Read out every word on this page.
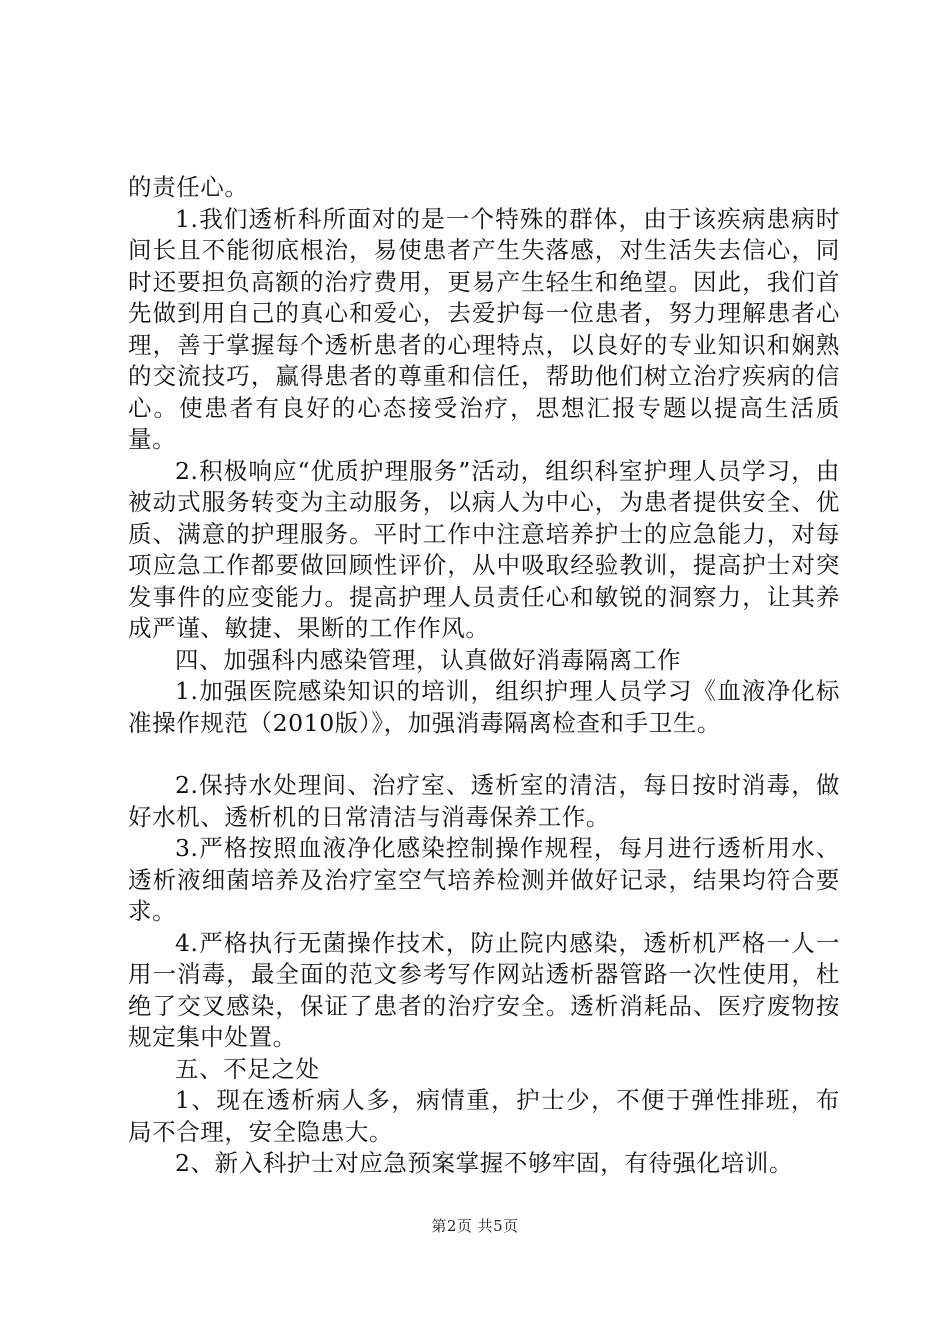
的责任心。

1.我们透析科所面对的是一个特殊的群体，由于该疾病患病时间长且不能彻底根治，易使患者产生失落感，对生活失去信心，同时还要担负高额的治疗费用，更易产生轻生和绝望。因此，我们首先做到用自己的真心和爱心，去爱护每一位患者，努力理解患者心理，善于掌握每个透析患者的心理特点，以良好的专业知识和娴熟的交流技巧，赢得患者的尊重和信任，帮助他们树立治疗疾病的信心。使患者有良好的心态接受治疗，思想汇报专题以提高生活质量。

2.积极响应“优质护理服务”活动，组织科室护理人员学习，由被动式服务转变为主动服务，以病人为中心，为患者提供安全、优质、满意的护理服务。平时工作中注意培养护士的应急能力，对每项应急工作都要做回顾性评价，从中吸取经验教训，提高护士对突发事件的应变能力。提高护理人员责任心和敏锐的洞察力，让其养成严谨、敏捷、果断的工作作风。

四、加强科内感染管理，认真做好消毒隔离工作

1.加强医院感染知识的培训，组织护理人员学习《血液净化标准操作规范（2010版）》，加强消毒隔离检查和手卫生。

2.保持水处理间、治疗室、透析室的清洁，每日按时消毒，做好水机、透析机的日常清洁与消毒保养工作。

3.严格按照血液净化感染控制操作规程，每月进行透析用水、透析液细菌培养及治疗室空气培养检测并做好记录，结果均符合要求。

4.严格执行无菌操作技术，防止院内感染，透析机严格一人一用一消毒，最全面的范文参考写作网站透析器管路一次性使用，杜绝了交叉感染，保证了患者的治疗安全。透析消耗品、医疗废物按规定集中处置。

五、不足之处

1、现在透析病人多，病情重，护士少，不便于弹性排班，布局不合理，安全隐患大。

2、新入科护士对应急预案掌握不够牢固，有待强化培训。

第2页 共5页
